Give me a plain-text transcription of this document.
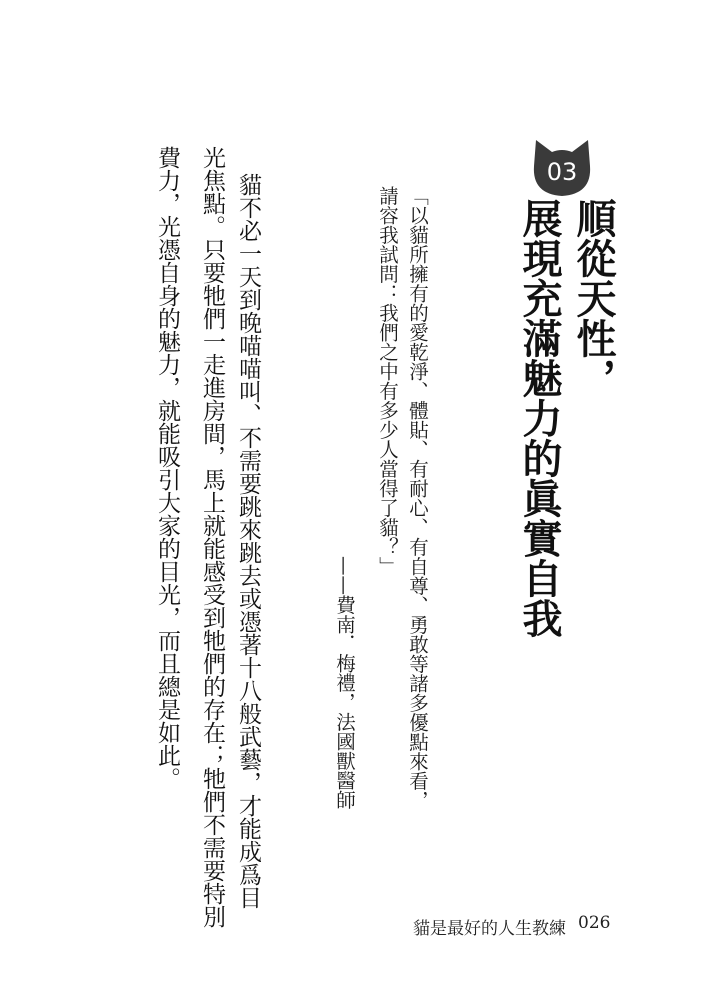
03
順從天性，
展現充滿魅力的眞實自我
「以貓所擁有的愛乾淨、體貼、有耐心、有自尊、勇敢等諸多優點來看，
請容我試問：我們之中有多少人當得了貓？」
——費南．梅禮，法國獸醫師
貓不必一天到晚喵喵叫、不需要跳來跳去或憑著十八般武藝，才能成爲目
光焦點。只要牠們一走進房間，馬上就能感受到牠們的存在；牠們不需要特別
費力，光憑自身的魅力，就能吸引大家的目光，而且總是如此。
貓是最好的人生教練 026
